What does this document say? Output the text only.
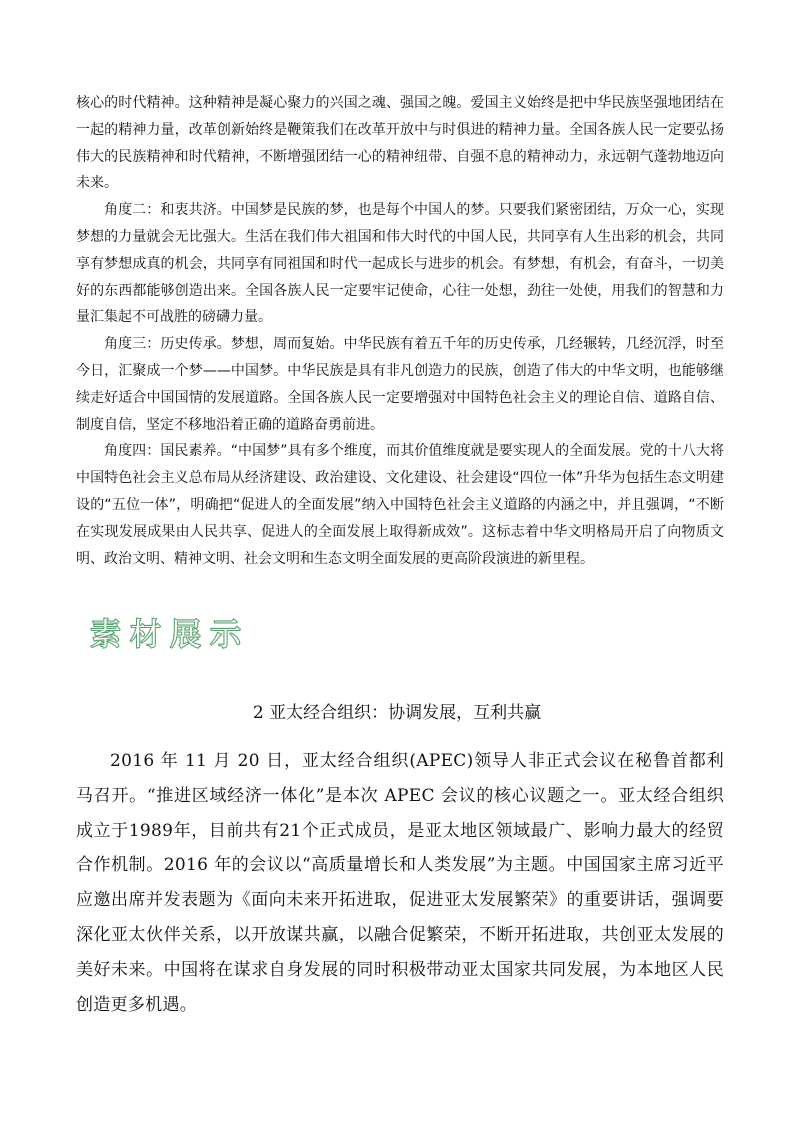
核心的时代精神。这种精神是凝心聚力的兴国之魂、强国之魄。爱国主义始终是把中华民族坚强地团结在一起的精神力量，改革创新始终是鞭策我们在改革开放中与时俱进的精神力量。全国各族人民一定要弘扬伟大的民族精神和时代精神，不断增强团结一心的精神纽带、自强不息的精神动力，永远朝气蓬勃地迈向未来。

角度二：和衷共济。中国梦是民族的梦，也是每个中国人的梦。只要我们紧密团结，万众一心，实现梦想的力量就会无比强大。生活在我们伟大祖国和伟大时代的中国人民，共同享有人生出彩的机会，共同享有梦想成真的机会，共同享有同祖国和时代一起成长与进步的机会。有梦想，有机会，有奋斗，一切美好的东西都能够创造出来。全国各族人民一定要牢记使命，心往一处想，劲往一处使，用我们的智慧和力量汇集起不可战胜的磅礴力量。

角度三：历史传承。梦想，周而复始。中华民族有着五千年的历史传承，几经辗转，几经沉浮，时至今日，汇聚成一个梦——中国梦。中华民族是具有非凡创造力的民族，创造了伟大的中华文明，也能够继续走好适合中国国情的发展道路。全国各族人民一定要增强对中国特色社会主义的理论自信、道路自信、制度自信，坚定不移地沿着正确的道路奋勇前进。

角度四：国民素养。“中国梦”具有多个维度，而其价值维度就是要实现人的全面发展。党的十八大将中国特色社会主义总布局从经济建设、政治建设、文化建设、社会建设“四位一体”升华为包括生态文明建设的“五位一体”，明确把“促进人的全面发展”纳入中国特色社会主义道路的内涵之中，并且强调，“不断在实现发展成果由人民共享、促进人的全面发展上取得新成效”。这标志着中华文明格局开启了向物质文明、政治文明、精神文明、社会文明和生态文明全面发展的更高阶段演进的新里程。

素 材 展 示
2 亚太经合组织：协调发展，互利共赢

2016 年 11 月 20 日，亚太经合组织(APEC)领导人非正式会议在秘鲁首都利马召开。“推进区域经济一体化”是本次 APEC 会议的核心议题之一。亚太经合组织成立于1989年，目前共有21个正式成员，是亚太地区领域最广、影响力最大的经贸合作机制。2016 年的会议以“高质量增长和人类发展”为主题。中国国家主席习近平应邀出席并发表题为《面向未来开拓进取，促进亚太发展繁荣》的重要讲话，强调要深化亚太伙伴关系，以开放谋共赢，以融合促繁荣，不断开拓进取，共创亚太发展的美好未来。中国将在谋求自身发展的同时积极带动亚太国家共同发展，为本地区人民创造更多机遇。
